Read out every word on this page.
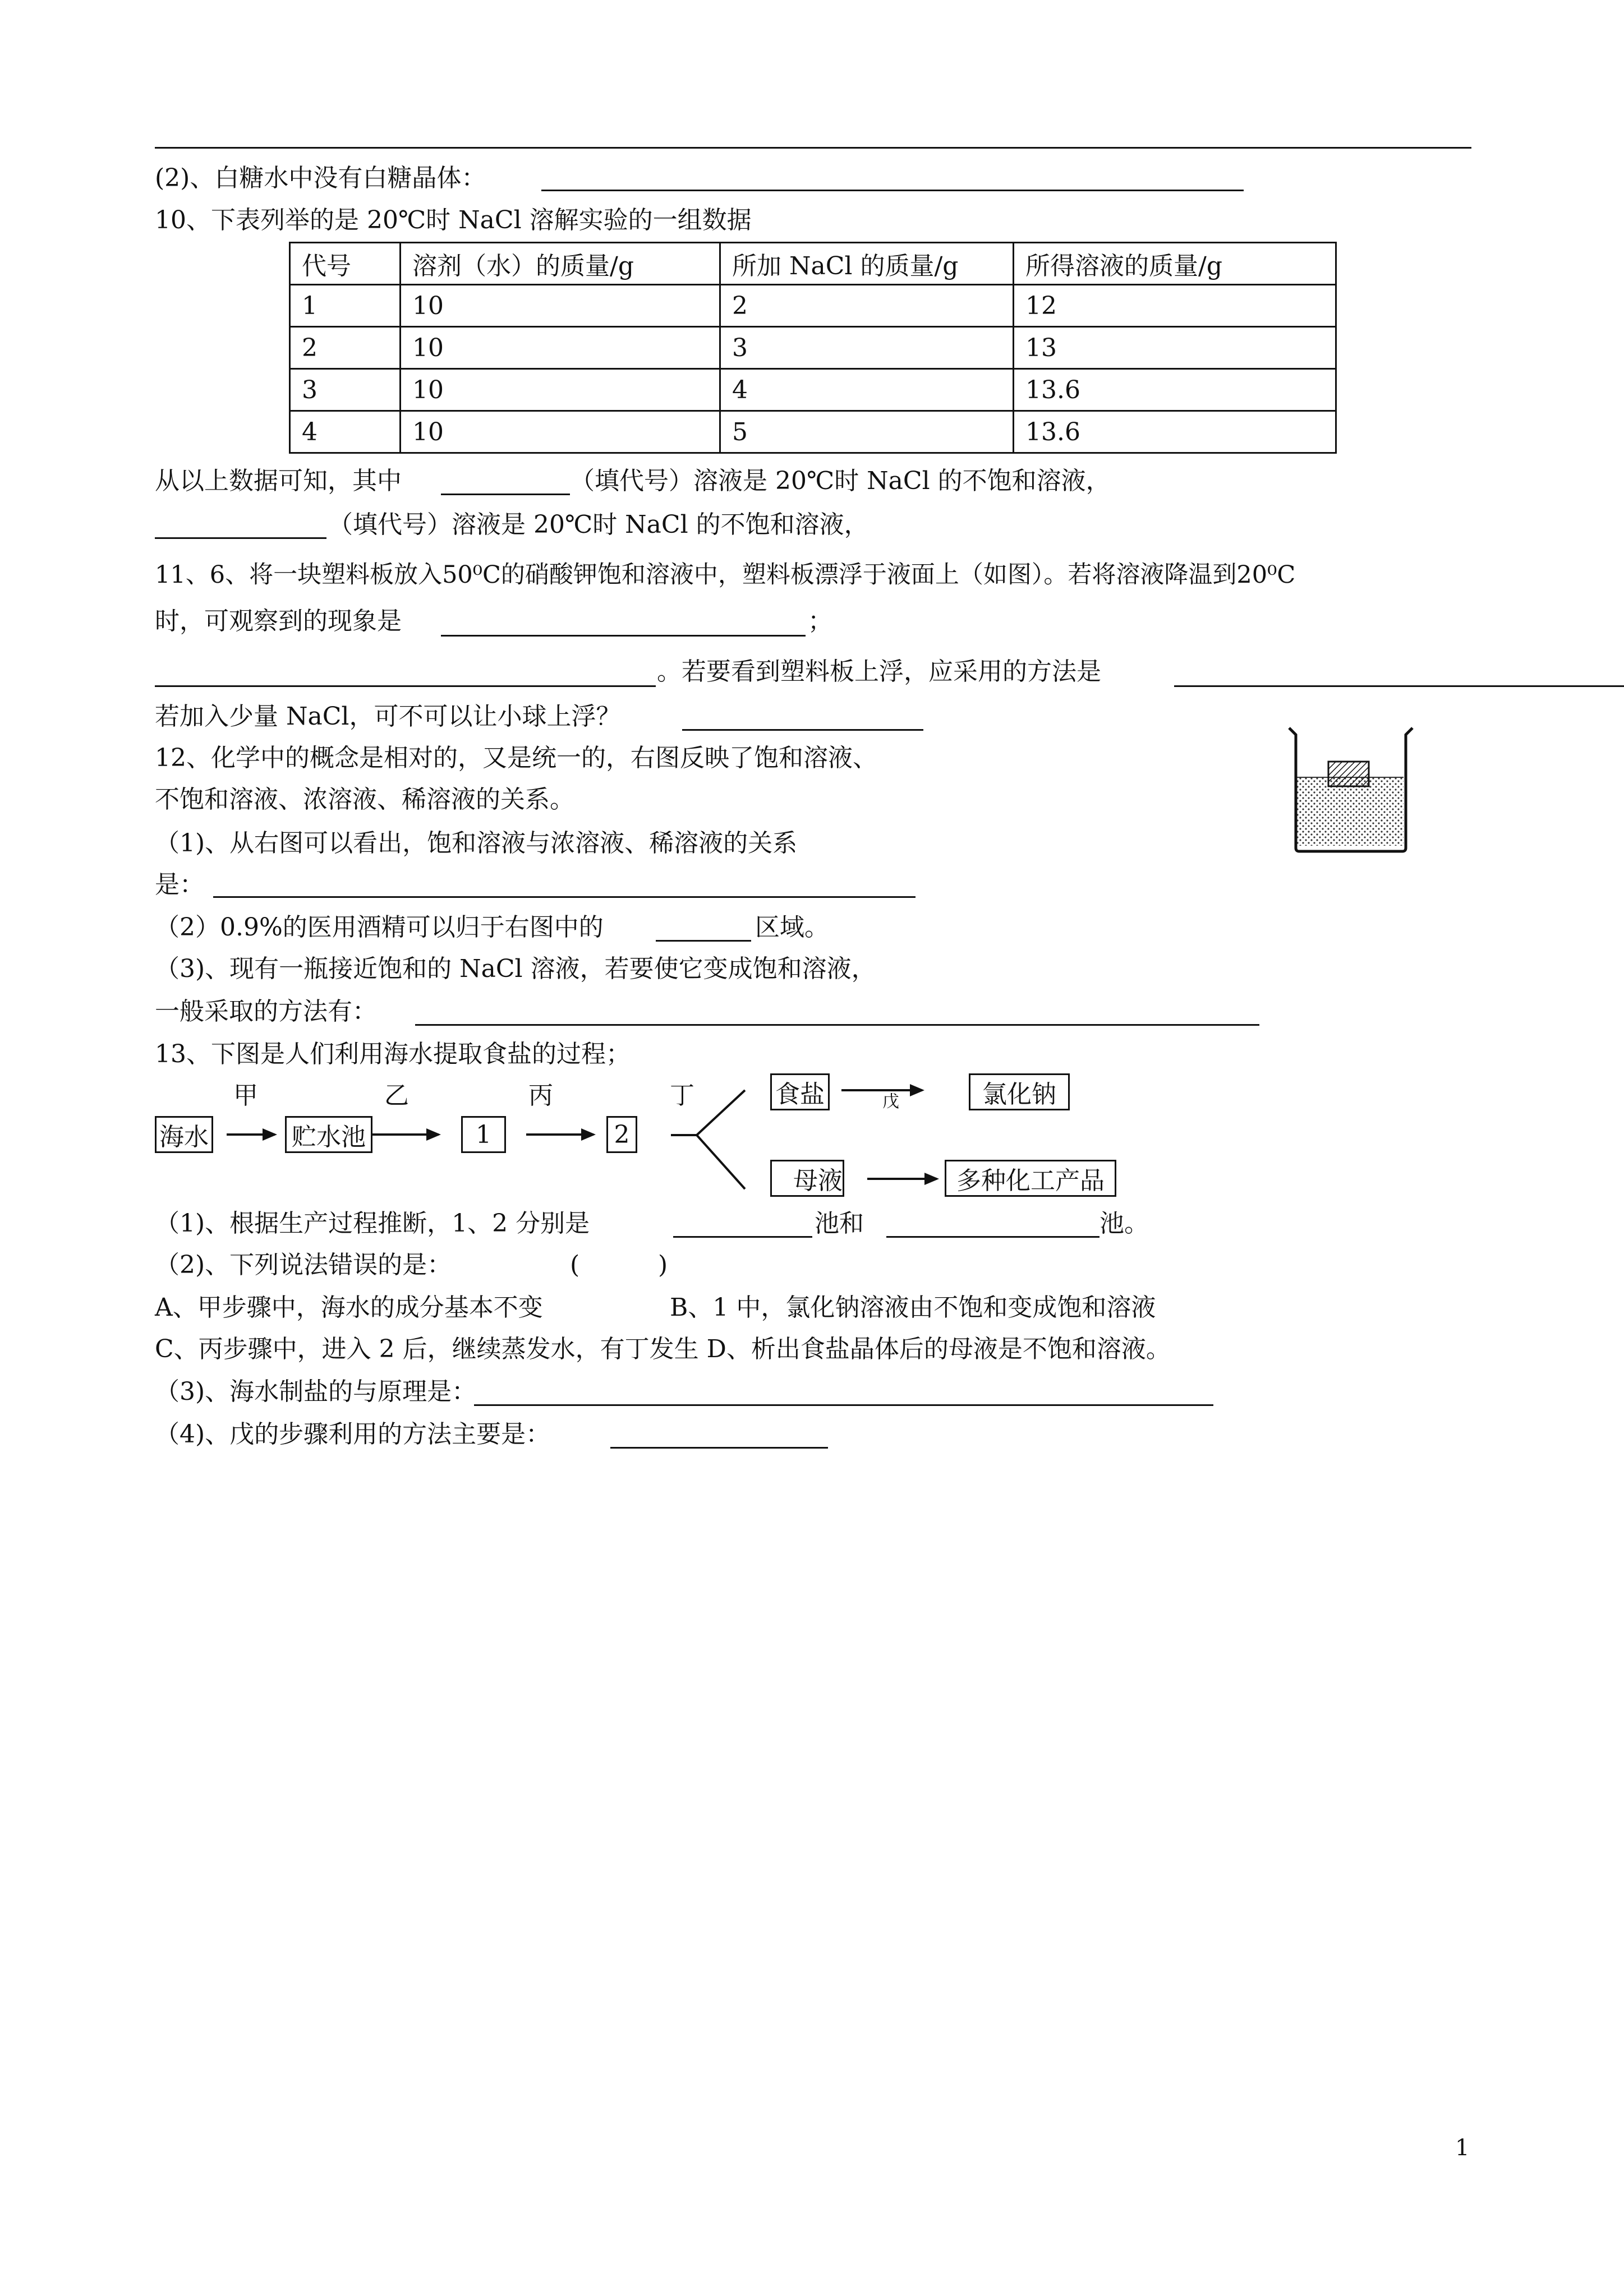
(2)、白糖水中没有白糖晶体：
10、下表列举的是 20℃时 NaCl 溶解实验的一组数据
代号	溶剂（水）的质量/g	所加 NaCl 的质量/g	所得溶液的质量/g
1	10	2	12
2	10	3	13
3	10	4	13.6
4	10	5	13.6
从以上数据可知，其中	（填代号）溶液是 20℃时 NaCl 的不饱和溶液，
（填代号）溶液是 20℃时 NaCl 的不饱和溶液，
11、6、将一块塑料板放入50⁰C的硝酸钾饱和溶液中，塑料板漂浮于液面上（如图）。若将溶液降温到20⁰C
时，可观察到的现象是	；
。若要看到塑料板上浮，应采用的方法是
若加入少量 NaCl，可不可以让小球上浮？
12、化学中的概念是相对的，又是统一的，右图反映了饱和溶液、
不饱和溶液、浓溶液、稀溶液的关系。
（1)、从右图可以看出，饱和溶液与浓溶液、稀溶液的关系
是：
（2）0.9%的医用酒精可以归于右图中的	区域。
（3)、现有一瓶接近饱和的 NaCl 溶液，若要使它变成饱和溶液，
一般采取的方法有：
13、下图是人们利用海水提取食盐的过程；
甲	乙	丙	丁	戊
海水	贮水池	1	2
食盐	氯化钠
母液	多种化工产品
（1)、根据生产过程推断，1、2 分别是	池和	池。
（2)、下列说法错误的是：	(          )
A、甲步骤中，海水的成分基本不变	B、1 中，氯化钠溶液由不饱和变成饱和溶液
C、丙步骤中，进入 2 后，继续蒸发水，有丁发生 D、析出食盐晶体后的母液是不饱和溶液。
（3)、海水制盐的与原理是：
（4)、戊的步骤利用的方法主要是：
1
